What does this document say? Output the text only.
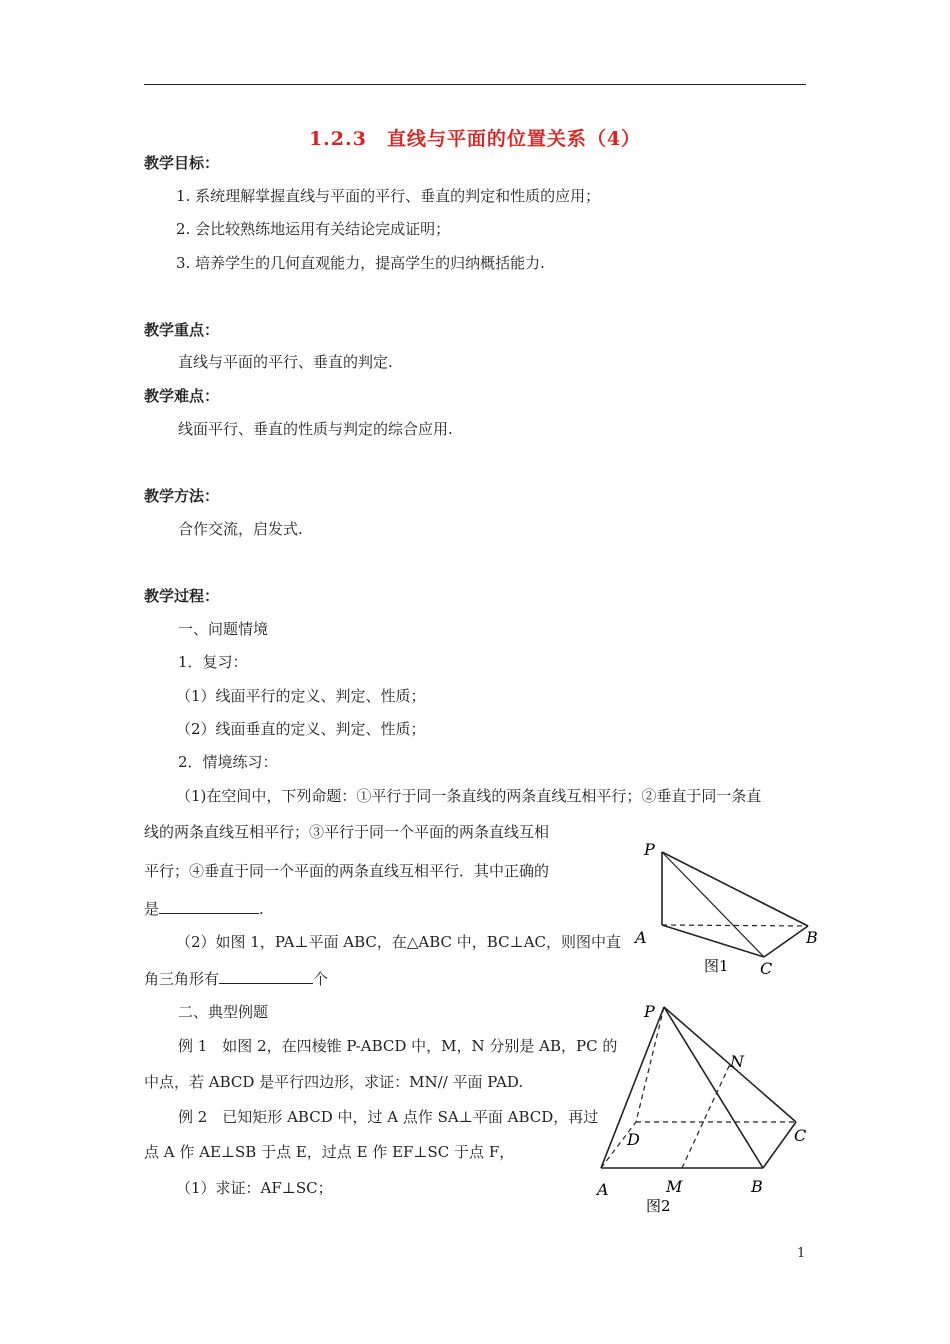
1.2.3　直线与平面的位置关系（4）
教学目标：
1. 系统理解掌握直线与平面的平行、垂直的判定和性质的应用；
2. 会比较熟练地运用有关结论完成证明；
3. 培养学生的几何直观能力，提高学生的归纳概括能力.
教学重点：
直线与平面的平行、垂直的判定.
教学难点：
线面平行、垂直的性质与判定的综合应用.
教学方法：
合作交流，启发式.
教学过程：
一、问题情境
1．复习：
（1）线面平行的定义、判定、性质；
（2）线面垂直的定义、判定、性质；
2．情境练习：
（1)在空间中，下列命题：①平行于同一条直线的两条直线互相平行；②垂直于同一条直
线的两条直线互相平行；③平行于同一个平面的两条直线互相
平行；④垂直于同一个平面的两条直线互相平行．其中正确的
是	.
（2）如图 1，PA⊥平面 ABC，在△ABC 中，BC⊥AC，则图中直
角三角形有	个
二、典型例题
例 1　如图 2，在四棱锥 P-ABCD 中，M，N 分别是 AB，PC 的
中点，若 ABCD 是平行四边形，求证：MN// 平面 PAD.
例 2　已知矩形 ABCD 中，过 A 点作 SA⊥平面 ABCD，再过
点 A 作 AE⊥SB 于点 E，过点 E 作 EF⊥SC 于点 F，
（1）求证：AF⊥SC；
P
A	B
C
图1
P
N
C
D
A	M	B
图2
1
